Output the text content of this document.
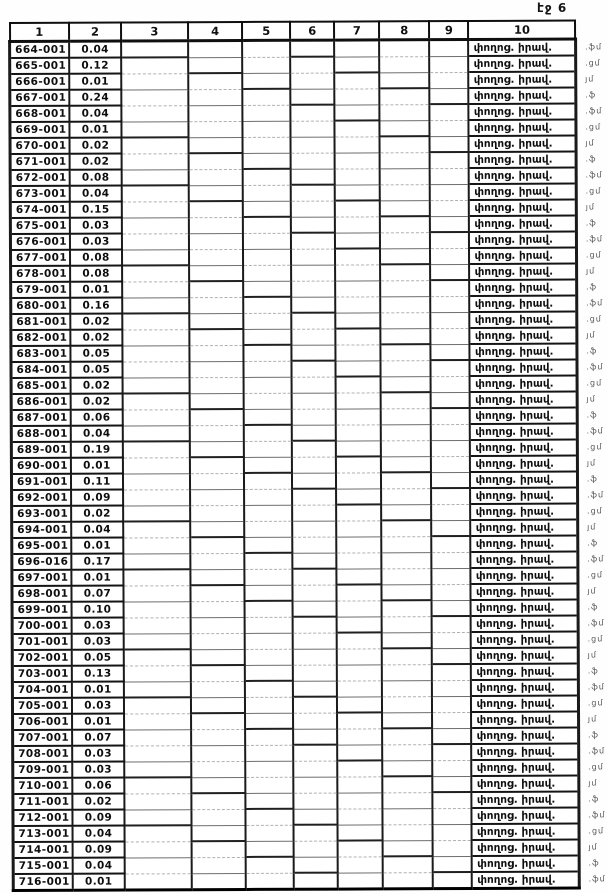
էջ 6
1	2	3	4	5	6	7	8	9	10	
664-001	0.04								փողոց. իրավ.	.ֆմ
665-001	0.12								փողոց. իրավ.	.ցմ
666-001	0.01								փողոց. իրավ.	յմ
667-001	0.24								փողոց. իրավ.	.ֆ
668-001	0.04								փողոց. իրավ.	.ֆմ
669-001	0.01								փողոց. իրավ.	.ցմ
670-001	0.02								փողոց. իրավ.	յմ
671-001	0.02								փողոց. իրավ.	.ֆ
672-001	0.08								փողոց. իրավ.	.ֆմ
673-001	0.04								փողոց. իրավ.	.ցմ
674-001	0.15								փողոց. իրավ.	յմ
675-001	0.03								փողոց. իրավ.	.ֆ
676-001	0.03								փողոց. իրավ.	.ֆմ
677-001	0.08								փողոց. իրավ.	.ցմ
678-001	0.08								փողոց. իրավ.	յմ
679-001	0.01								փողոց. իրավ.	.ֆ
680-001	0.16								փողոց. իրավ.	.ֆմ
681-001	0.02								փողոց. իրավ.	.ցմ
682-001	0.02								փողոց. իրավ.	յմ
683-001	0.05								փողոց. իրավ.	.ֆ
684-001	0.05								փողոց. իրավ.	.ֆմ
685-001	0.02								փողոց. իրավ.	.ցմ
686-001	0.02								փողոց. իրավ.	յմ
687-001	0.06								փողոց. իրավ.	.ֆ
688-001	0.04								փողոց. իրավ.	.ֆմ
689-001	0.19								փողոց. իրավ.	.ցմ
690-001	0.01								փողոց. իրավ.	յմ
691-001	0.11								փողոց. իրավ.	.ֆ
692-001	0.09								փողոց. իրավ.	.ֆմ
693-001	0.02								փողոց. իրավ.	.ցմ
694-001	0.04								փողոց. իրավ.	յմ
695-001	0.01								փողոց. իրավ.	.ֆ
696-016	0.17								փողոց. իրավ.	.ֆմ
697-001	0.01								փողոց. իրավ.	.ցմ
698-001	0.07								փողոց. իրավ.	յմ
699-001	0.10								փողոց. իրավ.	.ֆ
700-001	0.03								փողոց. իրավ.	.ֆմ
701-001	0.03								փողոց. իրավ.	.ցմ
702-001	0.05								փողոց. իրավ.	յմ
703-001	0.13								փողոց. իրավ.	.ֆ
704-001	0.01								փողոց. իրավ.	.ֆմ
705-001	0.03								փողոց. իրավ.	.ցմ
706-001	0.01								փողոց. իրավ.	յմ
707-001	0.07								փողոց. իրավ.	.ֆ
708-001	0.03								փողոց. իրավ.	.ֆմ
709-001	0.03								փողոց. իրավ.	.ցմ
710-001	0.06								փողոց. իրավ.	յմ
711-001	0.02								փողոց. իրավ.	.ֆ
712-001	0.09								փողոց. իրավ.	.ֆմ
713-001	0.04								փողոց. իրավ.	.ցմ
714-001	0.09								փողոց. իրավ.	յմ
715-001	0.04								փողոց. իրավ.	.ֆ
716-001	0.01								փողոց. իրավ.	.ֆմ
